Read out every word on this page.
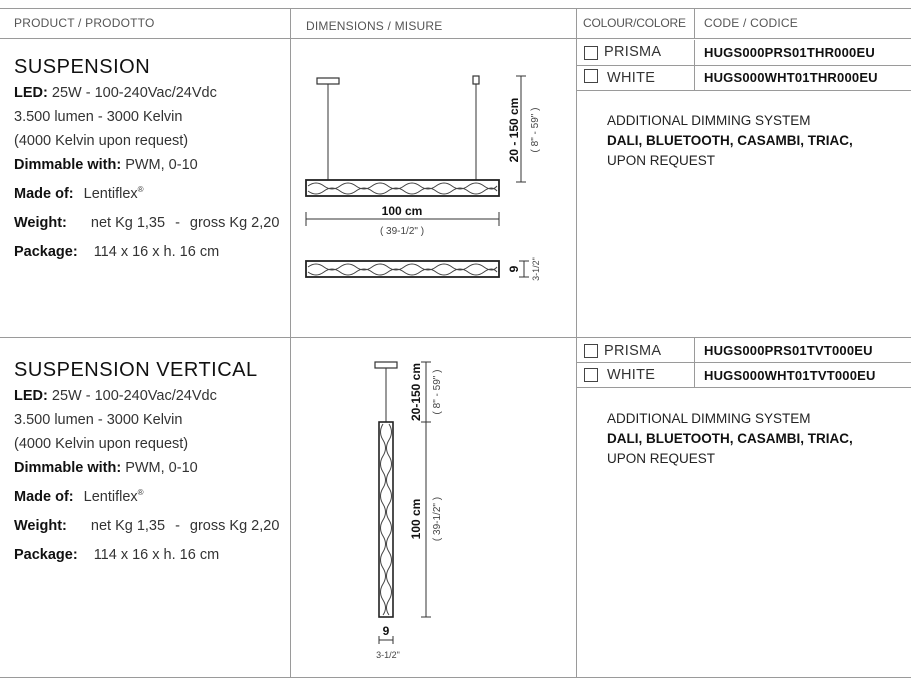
PRODUCT / PRODOTTO	DIMENSIONS / MISURE	COLOUR/COLORE CODE / CODICE
SUSPENSION
LED: 25W - 100-240Vac/24Vdc
3.500 lumen - 3000 Kelvin
(4000 Kelvin upon request)
Dimmable with: PWM, 0-10
Made of: Lentiflex®
Weight: net Kg 1,35 - gross Kg 2,20
Package: 114 x 16 x h. 16 cm
20 - 150 cm ( 8" - 59" )
100 cm
( 39-1/2" )
9 3-1/2"
PRISMA	HUGS000PRS01THR000EU
WHITE	HUGS000WHT01THR000EU
ADDITIONAL DIMMING SYSTEM
DALI, BLUETOOTH, CASAMBI, TRIAC,
UPON REQUEST
SUSPENSION VERTICAL
LED: 25W - 100-240Vac/24Vdc
3.500 lumen - 3000 Kelvin
(4000 Kelvin upon request)
Dimmable with: PWM, 0-10
Made of: Lentiflex®
Weight: net Kg 1,35 - gross Kg 2,20
Package: 114 x 16 x h. 16 cm
20-150 cm ( 8" - 59" )
100 cm ( 39-1/2" )
9
3-1/2"
PRISMA	HUGS000PRS01TVT000EU
WHITE	HUGS000WHT01TVT000EU
ADDITIONAL DIMMING SYSTEM
DALI, BLUETOOTH, CASAMBI, TRIAC,
UPON REQUEST
